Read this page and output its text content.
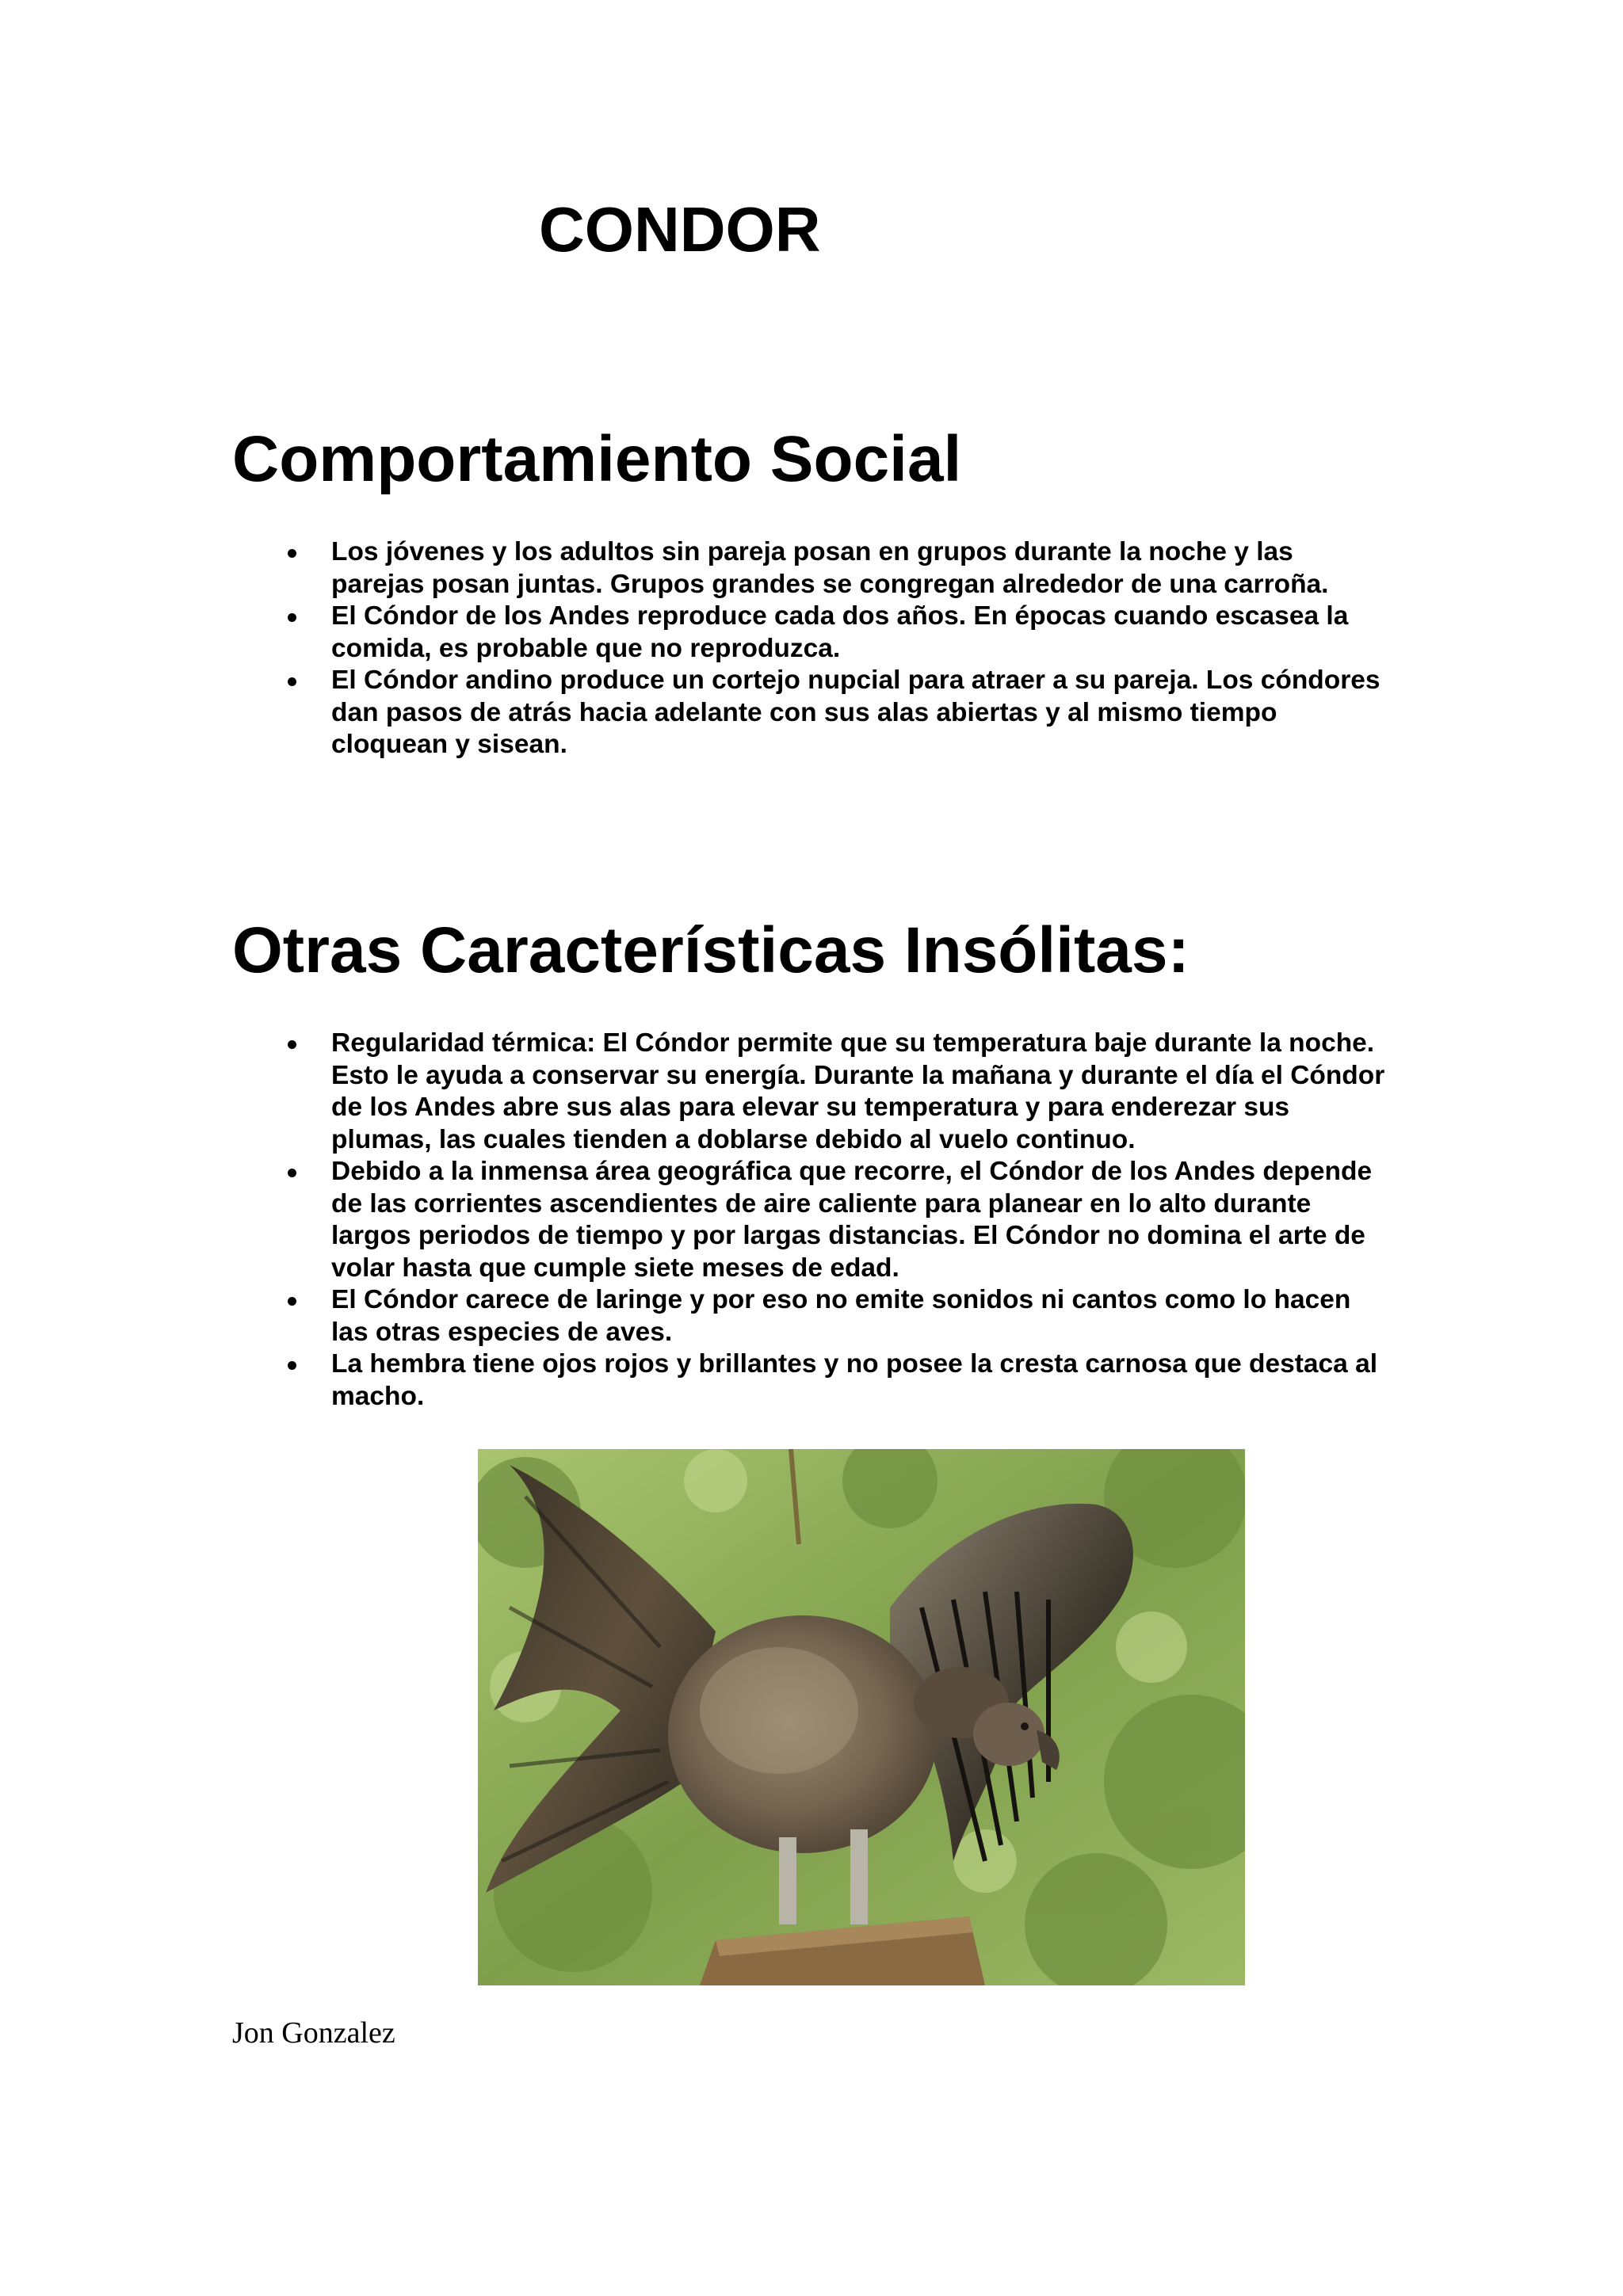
CONDOR
Comportamiento Social
Los jóvenes y los adultos sin pareja posan en grupos durante la noche y las parejas posan juntas. Grupos grandes se congregan alrededor de una carroña.
El Cóndor de los Andes reproduce cada dos años. En épocas cuando escasea la comida, es probable que no reproduzca.
El Cóndor andino produce un cortejo nupcial para atraer a su pareja. Los cóndores dan pasos de atrás hacia adelante con sus alas abiertas y al mismo tiempo cloquean y sisean.
Otras Características Insólitas:
Regularidad térmica: El Cóndor permite que su temperatura baje durante la noche. Esto le ayuda a conservar su energía. Durante la mañana y durante el día el Cóndor de los Andes abre sus alas para elevar su temperatura y para enderezar sus plumas, las cuales tienden a doblarse debido al vuelo continuo.
Debido a la inmensa área geográfica que recorre, el Cóndor de los Andes depende de las corrientes ascendientes de aire caliente para planear en lo alto durante largos periodos de tiempo y por largas distancias. El Cóndor no domina el arte de volar hasta que cumple siete meses de edad.
El Cóndor carece de laringe y por eso no emite sonidos ni cantos como lo hacen las otras especies de aves.
La hembra tiene ojos rojos y brillantes y no posee la cresta carnosa que destaca al macho.

Jon Gonzalez
